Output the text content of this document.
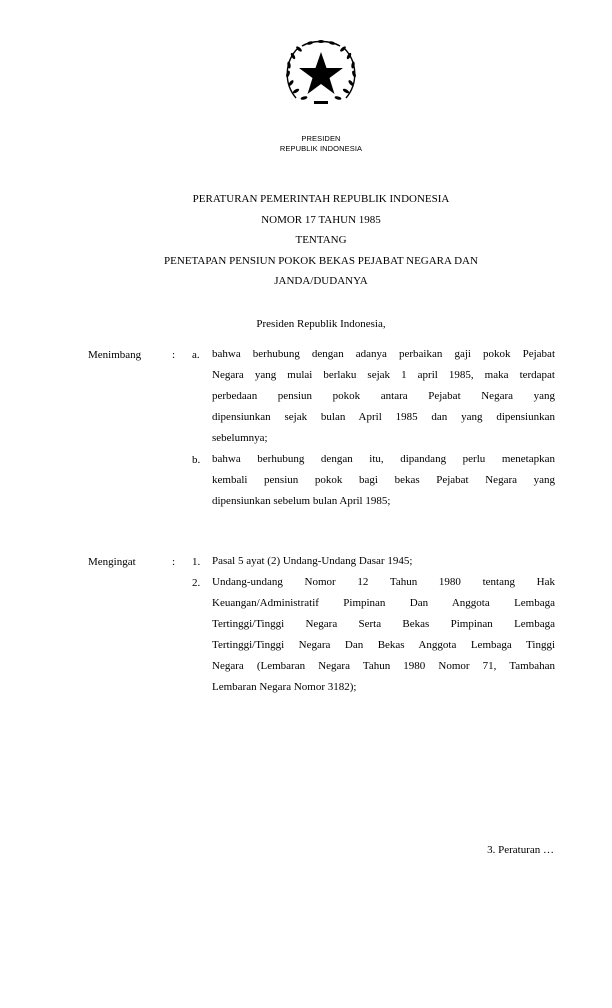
PRESIDEN
REPUBLIK INDONESIA
PERATURAN PEMERINTAH REPUBLIK INDONESIA
NOMOR 17 TAHUN 1985
TENTANG
PENETAPAN PENSIUN POKOK BEKAS PEJABAT NEGARA DAN
JANDA/DUDANYA
Presiden Republik Indonesia,
Menimbang	: a. bahwa berhubung dengan adanya perbaikan gaji pokok Pejabat
Negara yang mulai berlaku sejak 1 april 1985, maka terdapat
perbedaan pensiun pokok antara Pejabat Negara yang
dipensiunkan sejak bulan April 1985 dan yang dipensiunkan
sebelumnya;
b. bahwa berhubung dengan itu, dipandang perlu menetapkan
kembali pensiun pokok bagi bekas Pejabat Negara yang
dipensiunkan sebelum bulan April 1985;
Mengingat	: 1. Pasal 5 ayat (2) Undang-Undang Dasar 1945;
2. Undang-undang Nomor 12 Tahun 1980 tentang Hak
Keuangan/Administratif Pimpinan Dan Anggota Lembaga
Tertinggi/Tinggi Negara Serta Bekas Pimpinan Lembaga
Tertinggi/Tinggi Negara Dan Bekas Anggota Lembaga Tinggi
Negara (Lembaran Negara Tahun 1980 Nomor 71, Tambahan
Lembaran Negara Nomor 3182);
3. Peraturan …
